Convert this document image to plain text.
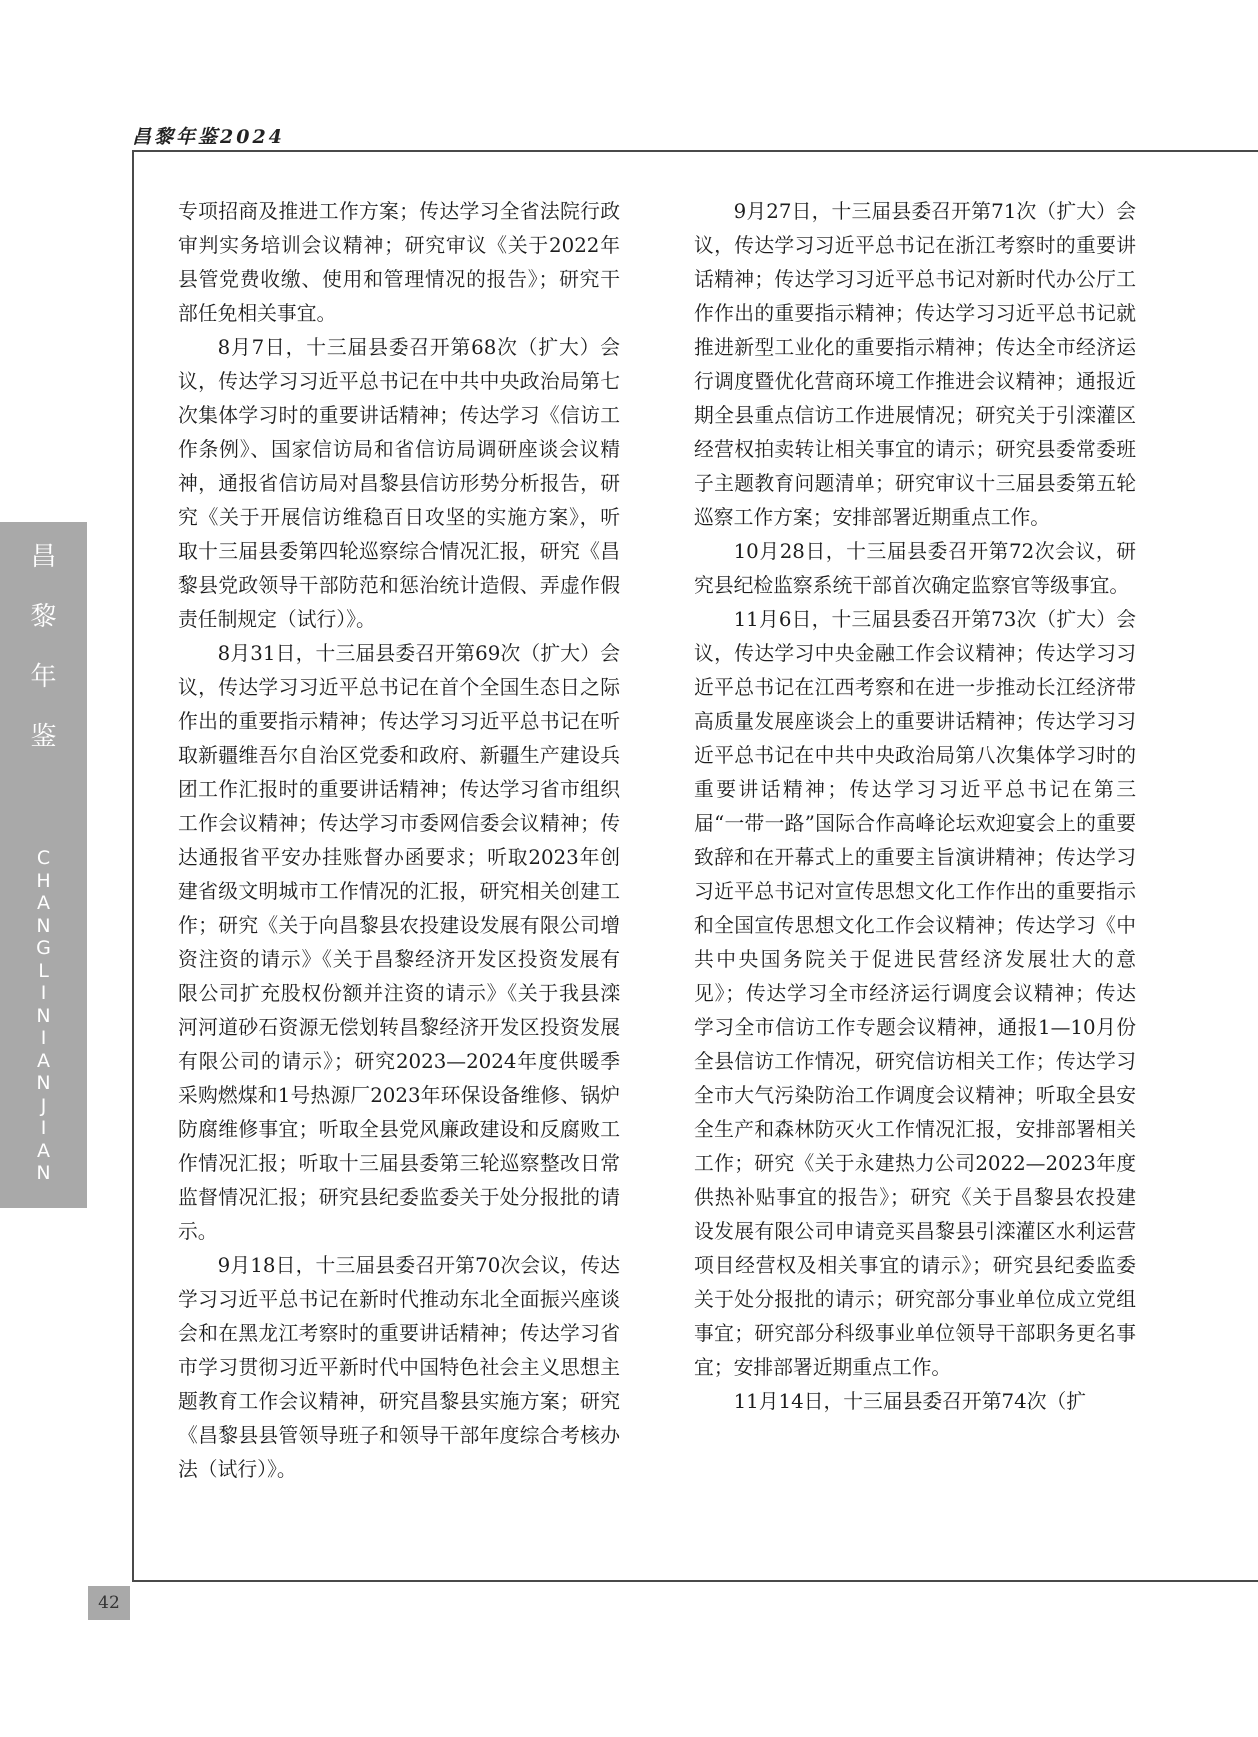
昌黎年鉴2024
昌
黎
年
鉴
C
H
A
N
G
L
I
N
I
A
N
J
I
A
N
42

专项招商及推进工作方案；传达学习全省法院行政审判实务培训会议精神；研究审议《关于2022年县管党费收缴、使用和管理情况的报告》；研究干部任免相关事宜。

8月7日，十三届县委召开第68次（扩大）会议，传达学习习近平总书记在中共中央政治局第七次集体学习时的重要讲话精神；传达学习《信访工作条例》、国家信访局和省信访局调研座谈会议精神，通报省信访局对昌黎县信访形势分析报告，研究《关于开展信访维稳百日攻坚的实施方案》，听取十三届县委第四轮巡察综合情况汇报，研究《昌黎县党政领导干部防范和惩治统计造假、弄虚作假责任制规定（试行）》。

8月31日，十三届县委召开第69次（扩大）会议，传达学习习近平总书记在首个全国生态日之际作出的重要指示精神；传达学习习近平总书记在听取新疆维吾尔自治区党委和政府、新疆生产建设兵团工作汇报时的重要讲话精神；传达学习省市组织工作会议精神；传达学习市委网信委会议精神；传达通报省平安办挂账督办函要求；听取2023年创建省级文明城市工作情况的汇报，研究相关创建工作；研究《关于向昌黎县农投建设发展有限公司增资注资的请示》《关于昌黎经济开发区投资发展有限公司扩充股权份额并注资的请示》《关于我县滦河河道砂石资源无偿划转昌黎经济开发区投资发展有限公司的请示》；研究2023—2024年度供暖季采购燃煤和1号热源厂2023年环保设备维修、锅炉防腐维修事宜；听取全县党风廉政建设和反腐败工作情况汇报；听取十三届县委第三轮巡察整改日常监督情况汇报；研究县纪委监委关于处分报批的请示。

9月18日，十三届县委召开第70次会议，传达学习习近平总书记在新时代推动东北全面振兴座谈会和在黑龙江考察时的重要讲话精神；传达学习省市学习贯彻习近平新时代中国特色社会主义思想主题教育工作会议精神，研究昌黎县实施方案；研究《昌黎县县管领导班子和领导干部年度综合考核办法（试行）》。

9月27日，十三届县委召开第71次（扩大）会议，传达学习习近平总书记在浙江考察时的重要讲话精神；传达学习习近平总书记对新时代办公厅工作作出的重要指示精神；传达学习习近平总书记就推进新型工业化的重要指示精神；传达全市经济运行调度暨优化营商环境工作推进会议精神；通报近期全县重点信访工作进展情况；研究关于引滦灌区经营权拍卖转让相关事宜的请示；研究县委常委班子主题教育问题清单；研究审议十三届县委第五轮巡察工作方案；安排部署近期重点工作。

10月28日，十三届县委召开第72次会议，研究县纪检监察系统干部首次确定监察官等级事宜。

11月6日，十三届县委召开第73次（扩大）会议，传达学习中央金融工作会议精神；传达学习习近平总书记在江西考察和在进一步推动长江经济带高质量发展座谈会上的重要讲话精神；传达学习习近平总书记在中共中央政治局第八次集体学习时的重要讲话精神；传达学习习近平总书记在第三届“一带一路”国际合作高峰论坛欢迎宴会上的重要致辞和在开幕式上的重要主旨演讲精神；传达学习习近平总书记对宣传思想文化工作作出的重要指示和全国宣传思想文化工作会议精神；传达学习《中共中央国务院关于促进民营经济发展壮大的意见》；传达学习全市经济运行调度会议精神；传达学习全市信访工作专题会议精神，通报1—10月份全县信访工作情况，研究信访相关工作；传达学习全市大气污染防治工作调度会议精神；听取全县安全生产和森林防灭火工作情况汇报，安排部署相关工作；研究《关于永建热力公司2022—2023年度供热补贴事宜的报告》；研究《关于昌黎县农投建设发展有限公司申请竞买昌黎县引滦灌区水利运营项目经营权及相关事宜的请示》；研究县纪委监委关于处分报批的请示；研究部分事业单位成立党组事宜；研究部分科级事业单位领导干部职务更名事宜；安排部署近期重点工作。

11月14日，十三届县委召开第74次（扩
